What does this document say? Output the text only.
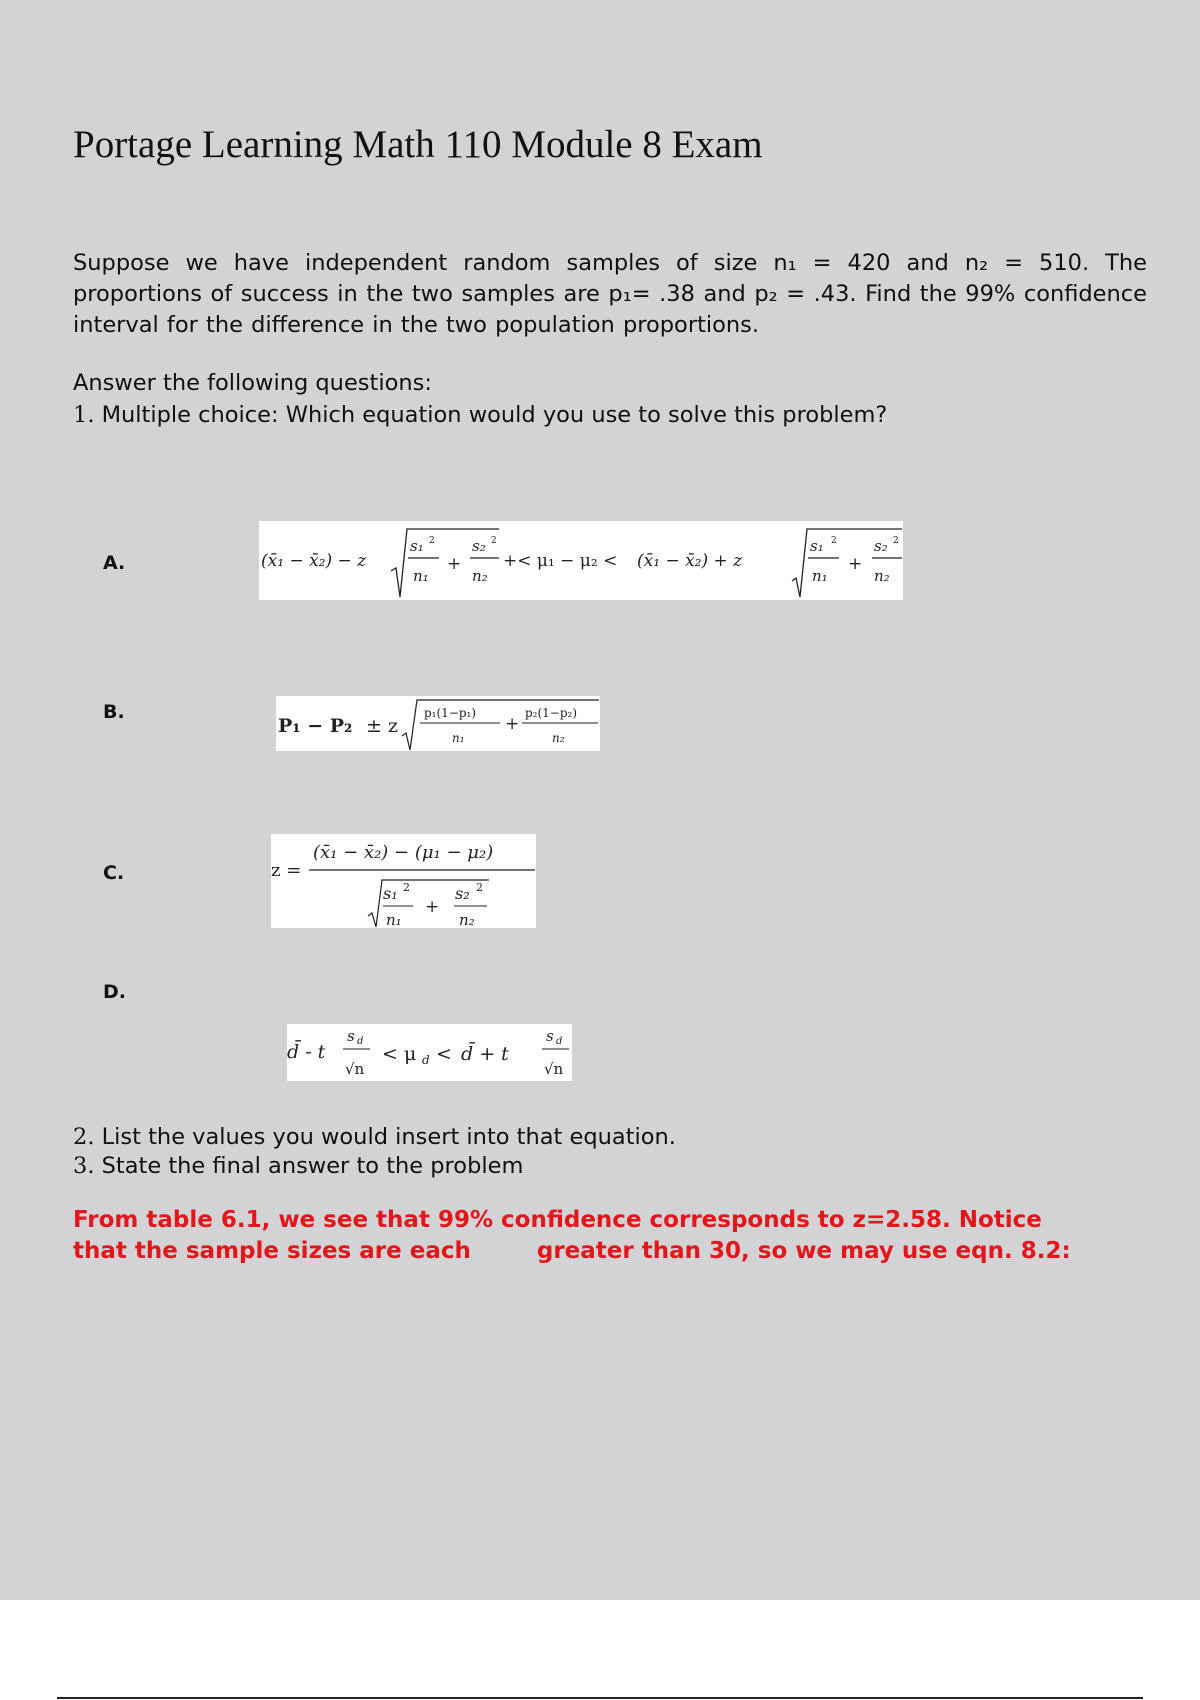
Portage Learning Math 110 Module 8 Exam

Suppose we have independent random samples of size n₁ = 420 and n₂ = 510. The proportions of success in the two samples are p₁= .38 and p₂ = .43. Find the 99% confidence interval for the difference in the two population proportions.

Answer the following questions:

1. Multiple choice: Which equation would you use to solve this problem?

A.	(x̄₁ − x̄₂) − z
s₁ 2
n₁
+
s₂ 2
n₂
+< μ₁ − μ₂ < (x̄₁ − x̄₂) + z
s₁ 2
n₁
+
s₂ 2
n₂
B.
P₁ − P₂ ± z
p₁(1−p₁)
n₁
+
p₂(1−p₂)
n₂
C.	z =
(x̄₁ − x̄₂) − (μ₁ − μ₂)
s₁ 2
n₁
+
s₂ 2
n₂
D.
d̄ - t
s d
√n
< μ d < d̄ + t
s d
√n

2. List the values you would insert into that equation.

3. State the final answer to the problem

From table 6.1, we see that 99% confidence corresponds to z=2.58. Notice
that the sample sizes are each	greater than 30, so we may use eqn. 8.2:
